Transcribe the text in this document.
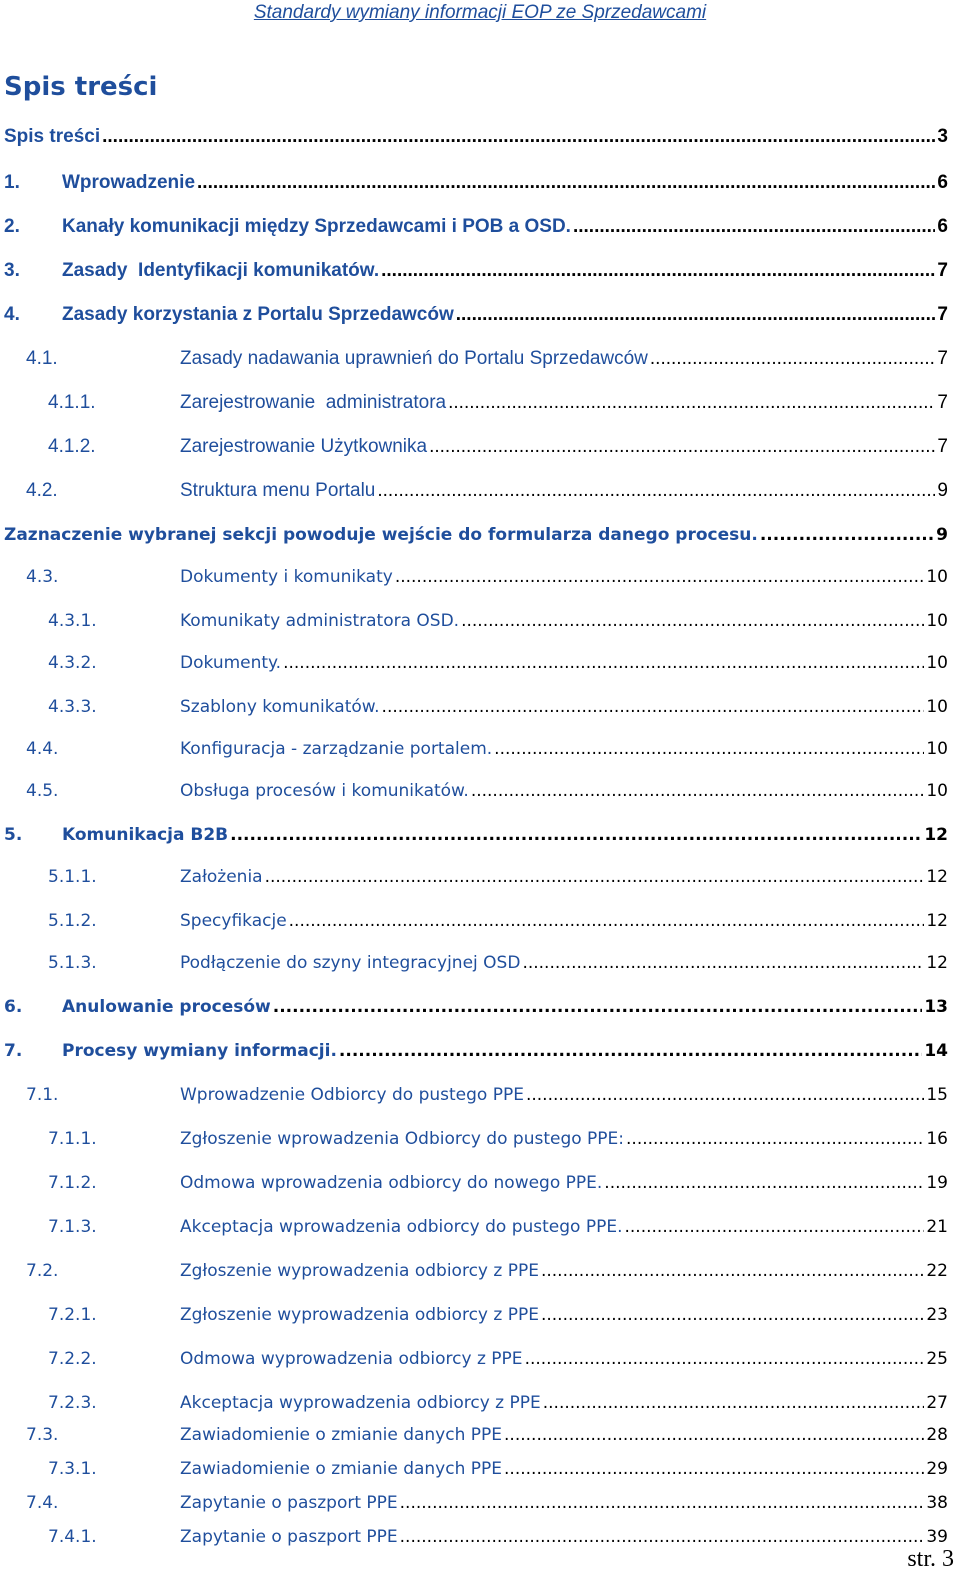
Standardy wymiany informacji EOP ze Sprzedawcami
Spis treści
Spis treści .....	3
1.	Wprowadzenie .....	6
2.	Kanały komunikacji między Sprzedawcami i POB a OSD. .....	6
3.	Zasady  Identyfikacji komunikatów. .....	7
4.	Zasady korzystania z Portalu Sprzedawców .....	7
4.1.	Zasady nadawania uprawnień do Portalu Sprzedawców .....	7
4.1.1.	Zarejestrowanie  administratora .....	7
4.1.2.	Zarejestrowanie Użytkownika .....	7
4.2.	Struktura menu Portalu .....	9
Zaznaczenie wybranej sekcji powoduje wejście do formularza danego procesu. .....	9
4.3.	Dokumenty i komunikaty .....	10
4.3.1.	Komunikaty administratora OSD. .....	10
4.3.2.	Dokumenty. .....	10
4.3.3.	Szablony komunikatów. .....	10
4.4.	Konfiguracja - zarządzanie portalem. .....	10
4.5.	Obsługa procesów i komunikatów. .....	10
5.	Komunikacja B2B .....	12
5.1.1.	Założenia .....	12
5.1.2.	Specyfikacje .....	12
5.1.3.	Podłączenie do szyny integracyjnej OSD .....	12
6.	Anulowanie procesów .....	13
7.	Procesy wymiany informacji. .....	14
7.1.	Wprowadzenie Odbiorcy do pustego PPE .....	15
7.1.1.	Zgłoszenie wprowadzenia Odbiorcy do pustego PPE: .....	16
7.1.2.	Odmowa wprowadzenia odbiorcy do nowego PPE. .....	19
7.1.3.	Akceptacja wprowadzenia odbiorcy do pustego PPE. .....	21
7.2.	Zgłoszenie wyprowadzenia odbiorcy z PPE .....	22
7.2.1.	Zgłoszenie wyprowadzenia odbiorcy z PPE .....	23
7.2.2.	Odmowa wyprowadzenia odbiorcy z PPE .....	25
7.2.3.	Akceptacja wyprowadzenia odbiorcy z PPE .....	27
7.3.	Zawiadomienie o zmianie danych PPE .....	28
7.3.1.	Zawiadomienie o zmianie danych PPE .....	29
7.4.	Zapytanie o paszport PPE .....	38
7.4.1.	Zapytanie o paszport PPE .....	39
str. 3
